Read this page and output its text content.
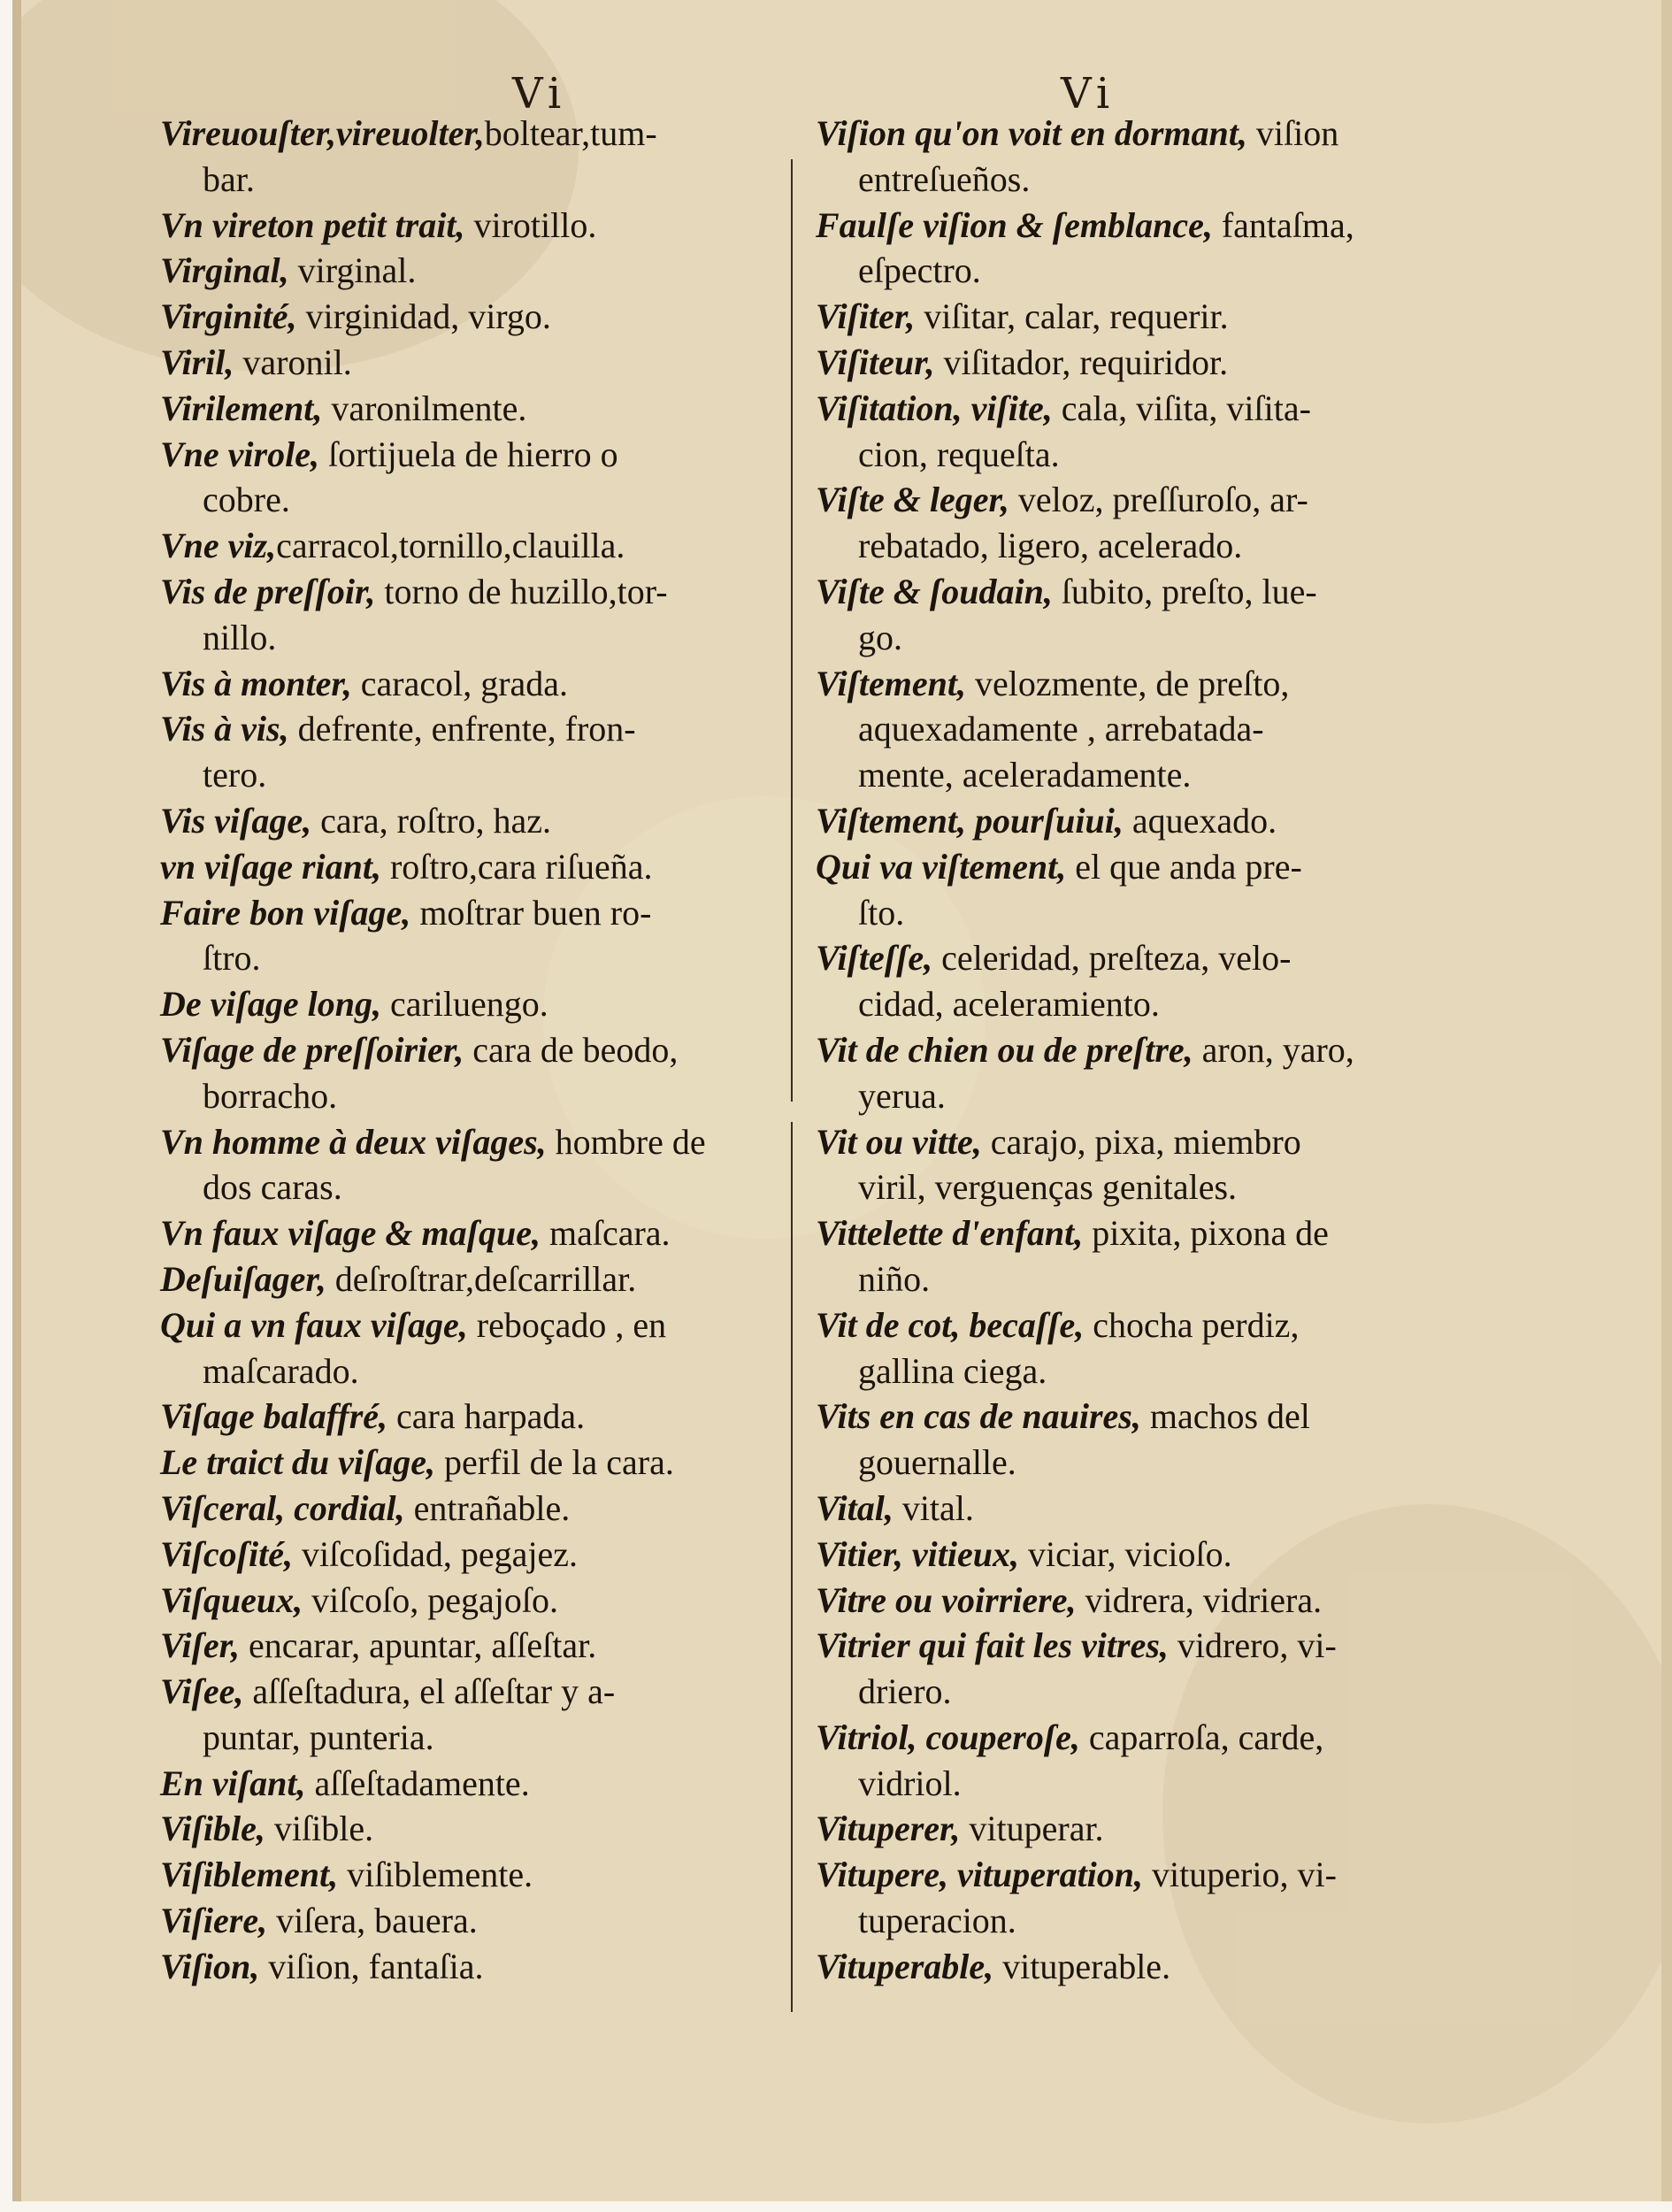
Vi	Vi

Vireuouſter,vireuolter,boltear,tum-
bar.

Vn vireton petit trait, virotillo.

Virginal, virginal.

Virginité, virginidad, virgo.

Viril, varonil.

Virilement, varonilmente.

Vne virole, ſortijuela de hierro o
cobre.

Vne viz,carracol,tornillo,clauilla.

Vis de preſſoir, torno de huzillo,tor-
nillo.

Vis à monter, caracol, grada.

Vis à vis, defrente, enfrente, fron-
tero.

Vis viſage, cara, roſtro, haz.

vn viſage riant, roſtro,cara riſueña.

Faire bon viſage, moſtrar buen ro-
ſtro.

De viſage long, cariluengo.

Viſage de preſſoirier, cara de beodo,
borracho.

Vn homme à deux viſages, hombre de
dos caras.

Vn faux viſage & maſque, maſcara.

Deſuiſager, deſroſtrar,deſcarrillar.

Qui a vn faux viſage, reboçado , en
maſcarado.

Viſage balaffré, cara harpada.

Le traict du viſage, perfil de la cara.

Viſceral, cordial, entrañable.

Viſcoſité, viſcoſidad, pegajez.

Viſqueux, viſcoſo, pegajoſo.

Viſer, encarar, apuntar, aſſeſtar.

Viſee, aſſeſtadura, el aſſeſtar y a-
puntar, punteria.

En viſant, aſſeſtadamente.

Viſible, viſible.

Viſiblement, viſiblemente.

Viſiere, viſera, bauera.

Viſion, viſion, fantaſia.

Viſion qu'on voit en dormant, viſion
entreſueños.

Faulſe viſion & ſemblance, fantaſma,
eſpectro.

Viſiter, viſitar, calar, requerir.

Viſiteur, viſitador, requiridor.

Viſitation, viſite, cala, viſita, viſita-
cion, requeſta.

Viſte & leger, veloz, preſſuroſo, ar-
rebatado, ligero, acelerado.

Viſte & ſoudain, ſubito, preſto, lue-
go.

Viſtement, velozmente, de preſto,
aquexadamente , arrebatada-
mente, aceleradamente.

Viſtement, pourſuiui, aquexado.

Qui va viſtement, el que anda pre-
ſto.

Viſteſſe, celeridad, preſteza, velo-
cidad, aceleramiento.

Vit de chien ou de preſtre, aron, yaro,
yerua.

Vit ou vitte, carajo, pixa, miembro
viril, verguenças genitales.

Vittelette d'enfant, pixita, pixona de
niño.

Vit de cot, becaſſe, chocha perdiz,
gallina ciega.

Vits en cas de nauires, machos del
gouernalle.

Vital, vital.

Vitier, vitieux, viciar, vicioſo.

Vitre ou voirriere, vidrera, vidriera.

Vitrier qui fait les vitres, vidrero, vi-
driero.

Vitriol, couperoſe, caparroſa, carde,
vidriol.

Vituperer, vituperar.

Vitupere, vituperation, vituperio, vi-
tuperacion.

Vituperable, vituperable.
